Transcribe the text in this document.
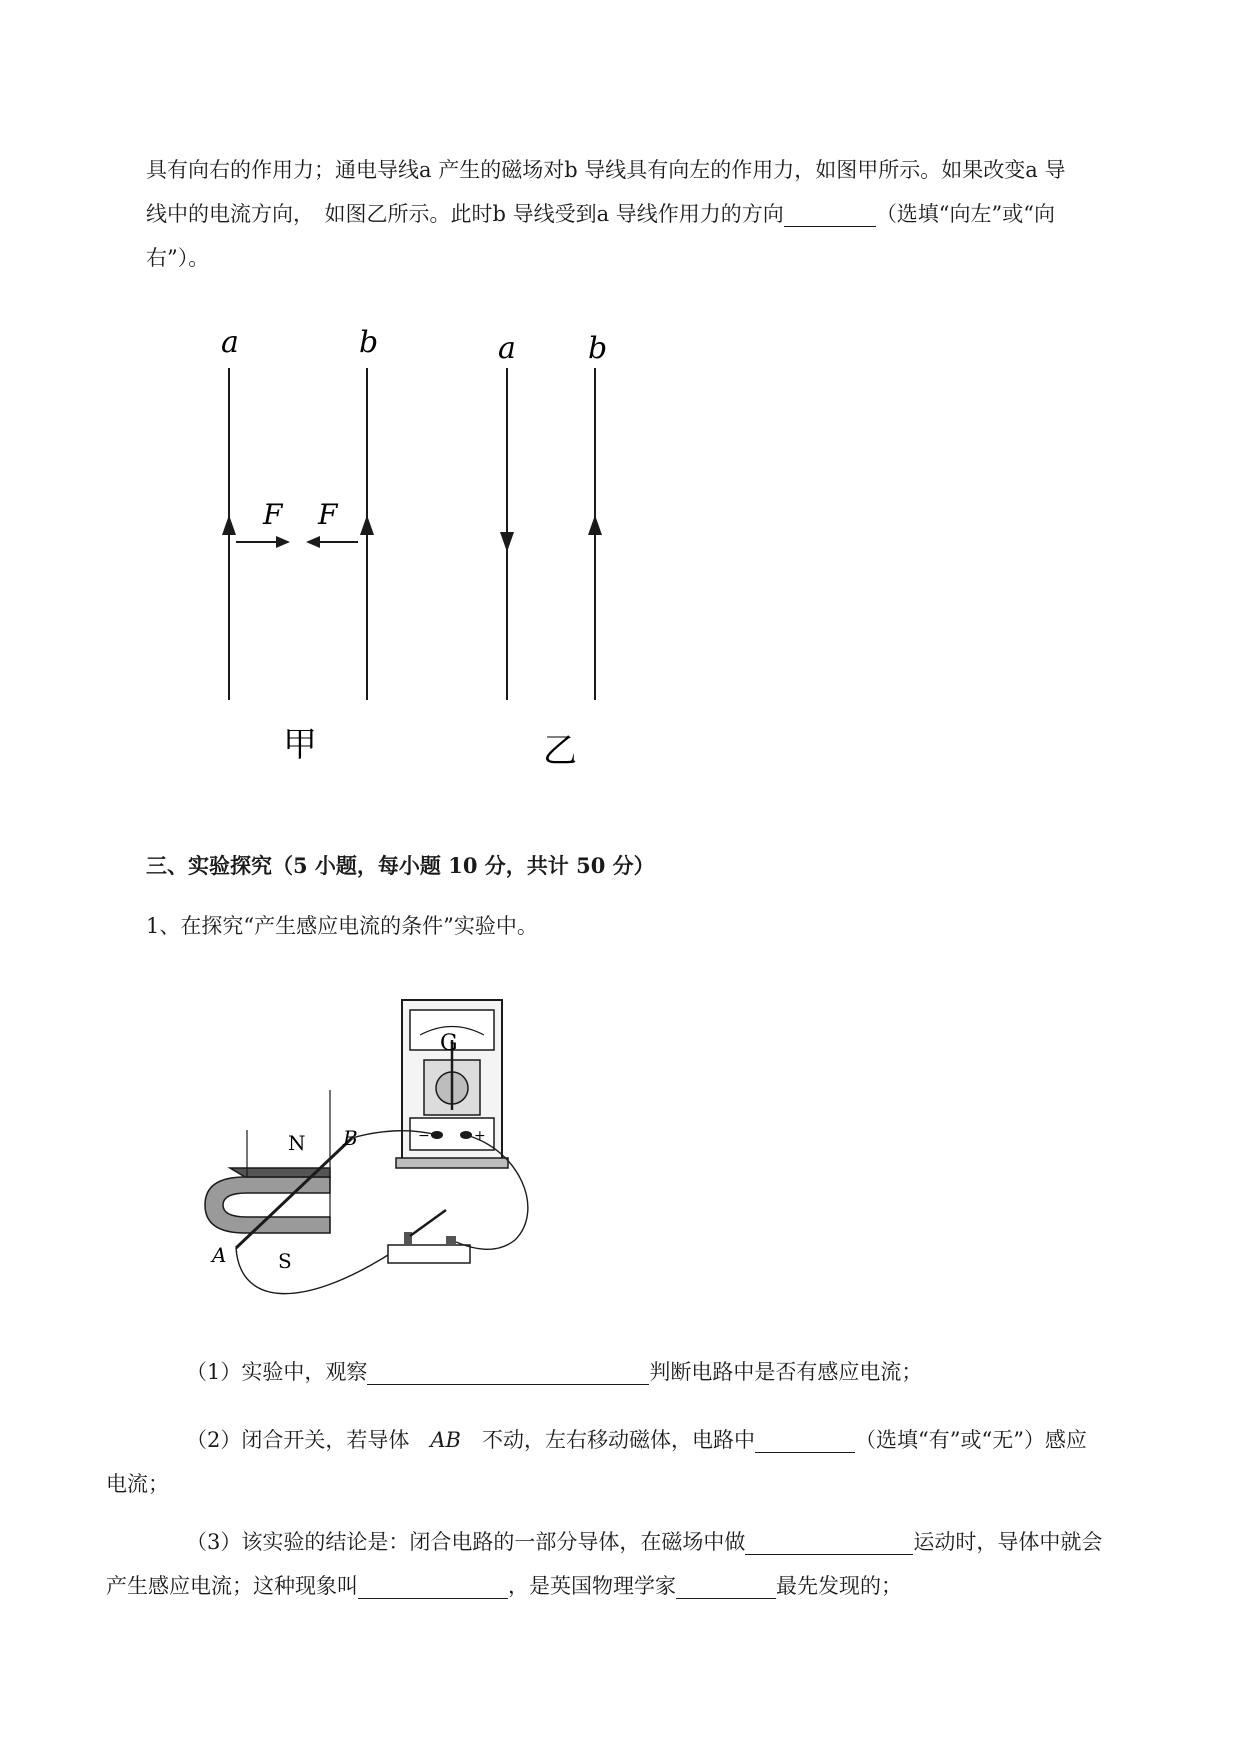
具有向右的作用力；通电导线a 产生的磁场对b 导线具有向左的作用力，如图甲所示。如果改变a 导
线中的电流方向，　如图乙所示。此时b 导线受到a 导线作用力的方向	（选填“向左”或“向
右”）。

F F
a	b	a b
甲	乙

三、实验探究（5 小题，每小题 10 分，共计 50 分）

1、在探究“产生感应电流的条件”实验中。

G
−	+
N
S
A
B

（1）实验中，观察	判断电路中是否有感应电流；

（2）闭合开关，若导体　 AB　 不动，左右移动磁体，电路中	（选填“有”或“无”）感应
电流；

（3）该实验的结论是：闭合电路的一部分导体，在磁场中做	运动时，导体中就会
产生感应电流；这种现象叫	，是英国物理学家	最先发现的；
